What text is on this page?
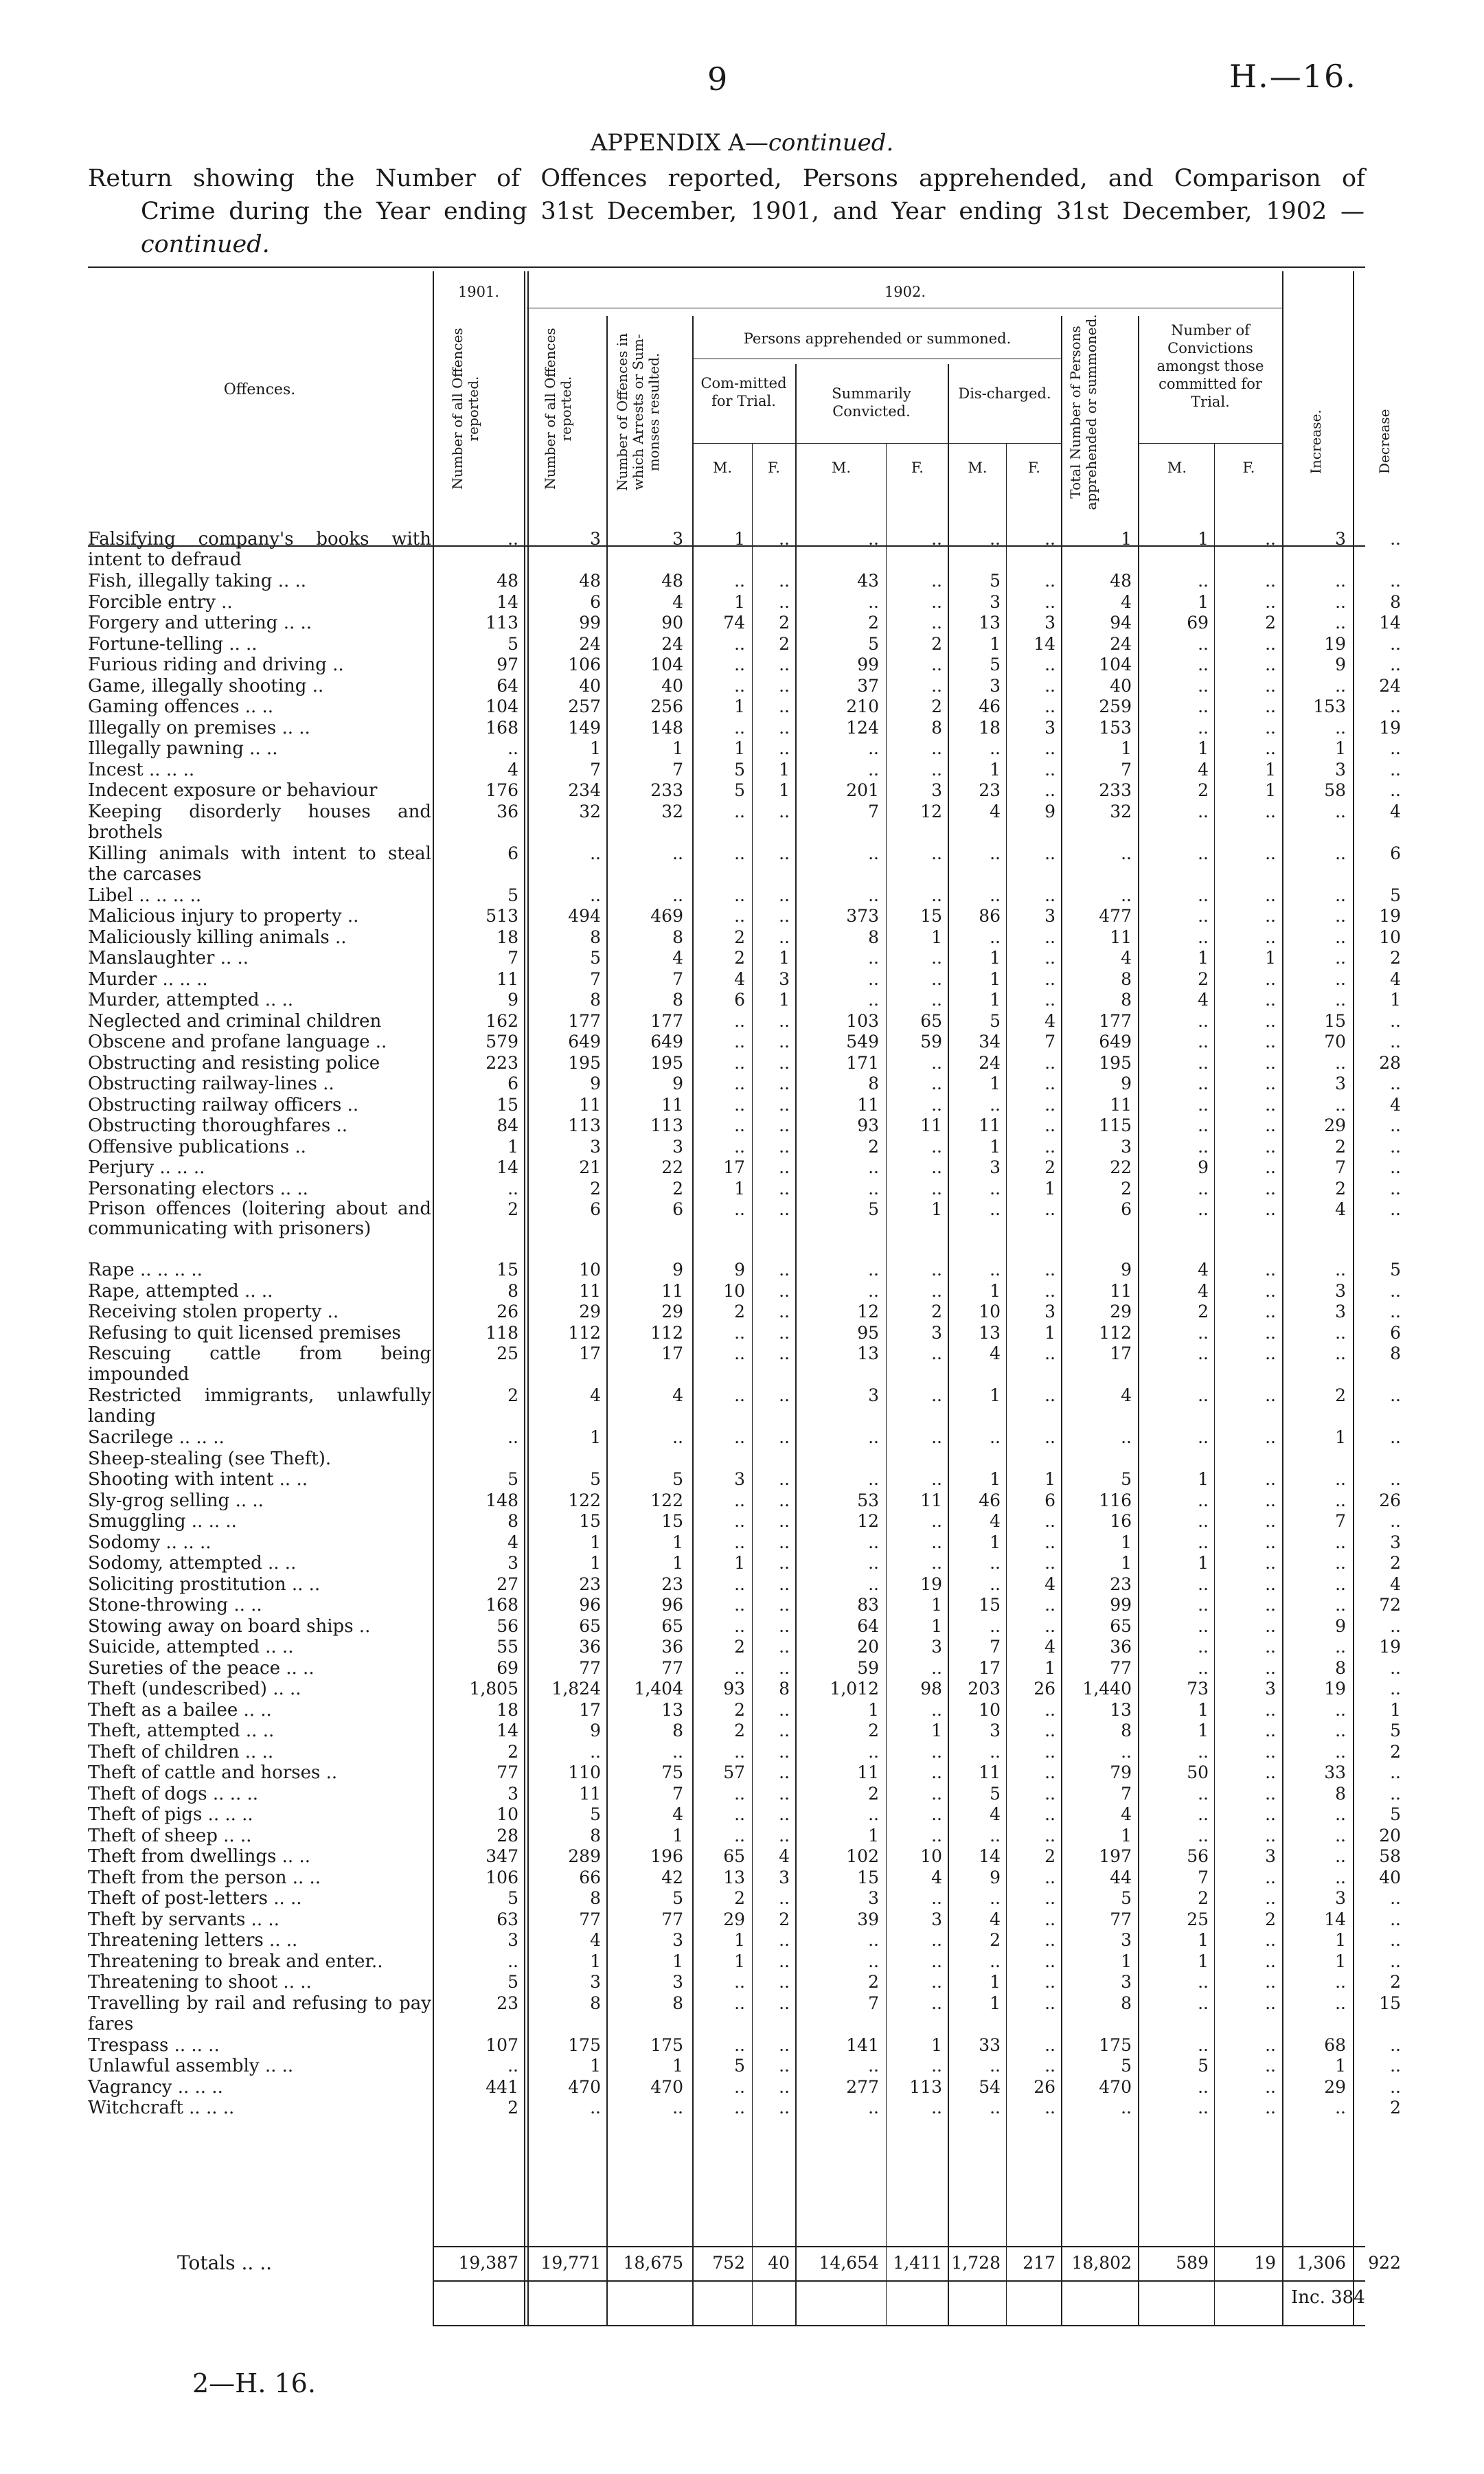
9	H.—16.
APPENDIX A—continued.
Return showing the Number of Offences reported, Persons apprehended, and Comparison of
Crime during the Year ending 31st December, 1901, and Year ending 31st December, 1902 —
continued.
Offences.
1901.	1902.
Number of all Offences reported.	Number of all Offences reported.	Number of Offences in which Arrests or Sum-monses resulted.
Persons apprehended or summoned.
Com-mitted for Trial.	Summarily Convicted.
Dis-charged.	Total Number of Persons apprehended or summoned.	Number of Convictions amongst those committed for Trial.
Increase.	Decrease
M.	F.	M.	F.	M.	F.	M.	F.
Falsifying company's books with intent to defraud
..	3	3	1	..	..	..	..	..	1	1	..	3	..
Fish, illegally taking .. ..	48	48	48	..	..	43	..	5	..	48	..	..	..	..
Forcible entry ..	14	6	4	1	..	..	..	3	..	4	1	..	..	8
Forgery and uttering .. ..	113	99	90	74	2	2	..	13	3	94	69	2	..	14
Fortune-telling .. ..	5	24	24	..	2	5	2	1	14	24	..	..	19	..
Furious riding and driving ..	97	106	104	..	..	99	..	5	..	104	..	..	9	..
Game, illegally shooting ..	64	40	40	..	..	37	..	3	..	40	..	..	..	24
Gaming offences .. ..	104	257	256	1	..	210	2	46	..	259	..	..	153	..
Illegally on premises .. ..	168	149	148	..	..	124	8	18	3	153	..	..	..	19
Illegally pawning .. ..	..	1	1	1	..	..	..	..	..	1	1	..	1	..
Incest .. .. ..	4	7	7	5	1	..	..	1	..	7	4	1	3	..
Indecent exposure or behaviour	176	234	233	5	1	201	3	23	..	233	2	1	58	..
Keeping disorderly houses and brothels
36	32	32	..	..	7	12	4	9	32	..	..	..	4
Killing animals with intent to steal the carcases
6	..	..	..	..	..	..	..	..	..	..	..	..	6
Libel .. .. .. ..	5	..	..	..	..	..	..	..	..	..	..	..	..	5
Malicious injury to property ..	513	494	469	..	..	373	15	86	3	477	..	..	..	19
Maliciously killing animals ..	18	8	8	2	..	8	1	..	..	11	..	..	..	10
Manslaughter .. ..	7	5	4	2	1	..	..	1	..	4	1	1	..	2
Murder .. .. ..	11	7	7	4	3	..	..	1	..	8	2	..	..	4
Murder, attempted .. ..	9	8	8	6	1	..	..	1	..	8	4	..	..	1
Neglected and criminal children	162	177	177	..	..	103	65	5	4	177	..	..	15	..
Obscene and profane language ..	579	649	649	..	..	549	59	34	7	649	..	..	70	..
Obstructing and resisting police	223	195	195	..	..	171	..	24	..	195	..	..	..	28
Obstructing railway-lines ..	6	9	9	..	..	8	..	1	..	9	..	..	3	..
Obstructing railway officers ..	15	11	11	..	..	11	..	..	..	11	..	..	..	4
Obstructing thoroughfares ..	84	113	113	..	..	93	11	11	..	115	..	..	29	..
Offensive publications ..	1	3	3	..	..	2	..	1	..	3	..	..	2	..
Perjury .. .. ..	14	21	22	17	..	..	..	3	2	22	9	..	7	..
Personating electors .. ..	..	2	2	1	..	..	..	..	1	2	..	..	2	..
Prison offences (loitering about and communicating with prisoners)
2	6	6	..	..	5	1	..	..	6	..	..	4	..
Rape .. .. .. ..	15	10	9	9	..	..	..	..	..	9	4	..	..	5
Rape, attempted .. ..	8	11	11	10	..	..	..	1	..	11	4	..	3	..
Receiving stolen property ..	26	29	29	2	..	12	2	10	3	29	2	..	3	..
Refusing to quit licensed premises	118	112	112	..	..	95	3	13	1	112	..	..	..	6
Rescuing cattle from being impounded
25	17	17	..	..	13	..	4	..	17	..	..	..	8
Restricted immigrants, unlawfully landing
2	4	4	..	..	3	..	1	..	4	..	..	2	..
Sacrilege .. .. ..	..	1	..	..	..	..	..	..	..	..	..	..	1	..
Sheep-stealing (see Theft).
Shooting with intent .. ..	5	5	5	3	..	..	..	1	1	5	1	..	..	..
Sly-grog selling .. ..	148	122	122	..	..	53	11	46	6	116	..	..	..	26
Smuggling .. .. ..	8	15	15	..	..	12	..	4	..	16	..	..	7	..
Sodomy .. .. ..	4	1	1	..	..	..	..	1	..	1	..	..	..	3
Sodomy, attempted .. ..	3	1	1	1	..	..	..	..	..	1	1	..	..	2
Soliciting prostitution .. ..	27	23	23	..	..	..	19	..	4	23	..	..	..	4
Stone-throwing .. ..	168	96	96	..	..	83	1	15	..	99	..	..	..	72
Stowing away on board ships ..	56	65	65	..	..	64	1	..	..	65	..	..	9	..
Suicide, attempted .. ..	55	36	36	2	..	20	3	7	4	36	..	..	..	19
Sureties of the peace .. ..	69	77	77	..	..	59	..	17	1	77	..	..	8	..
Theft (undescribed) .. ..	1,805	1,824	1,404	93	8	1,012	98	203	26	1,440	73	3	19	..
Theft as a bailee .. ..	18	17	13	2	..	1	..	10	..	13	1	..	..	1
Theft, attempted .. ..	14	9	8	2	..	2	1	3	..	8	1	..	..	5
Theft of children .. ..	2	..	..	..	..	..	..	..	..	..	..	..	..	2
Theft of cattle and horses ..	77	110	75	57	..	11	..	11	..	79	50	..	33	..
Theft of dogs .. .. ..	3	11	7	..	..	2	..	5	..	7	..	..	8	..
Theft of pigs .. .. ..	10	5	4	..	..	..	..	4	..	4	..	..	..	5
Theft of sheep .. ..	28	8	1	..	..	1	..	..	..	1	..	..	..	20
Theft from dwellings .. ..	347	289	196	65	4	102	10	14	2	197	56	3	..	58
Theft from the person .. ..	106	66	42	13	3	15	4	9	..	44	7	..	..	40
Theft of post-letters .. ..	5	8	5	2	..	3	..	..	..	5	2	..	3	..
Theft by servants .. ..	63	77	77	29	2	39	3	4	..	77	25	2	14	..
Threatening letters .. ..	3	4	3	1	..	..	..	2	..	3	1	..	1	..
Threatening to break and enter..	..	1	1	1	..	..	..	..	..	1	1	..	1	..
Threatening to shoot .. ..	5	3	3	..	..	2	..	1	..	3	..	..	..	2
Travelling by rail and refusing to pay fares
23	8	8	..	..	7	..	1	..	8	..	..	..	15
Trespass .. .. ..	107	175	175	..	..	141	1	33	..	175	..	..	68	..
Unlawful assembly .. ..	..	1	1	5	..	..	..	..	..	5	5	..	1	..
Vagrancy .. .. ..	441	470	470	..	..	277	113	54	26	470	..	..	29	..
Witchcraft .. .. ..	2	..	..	..	..	..	..	..	..	..	..	..	..	2
Totals .. ..	19,387	19,771	18,675	752	40	14,654 1,411 1,728	217 18,802	589	19	1,306	922
Inc. 384
2—H. 16.
